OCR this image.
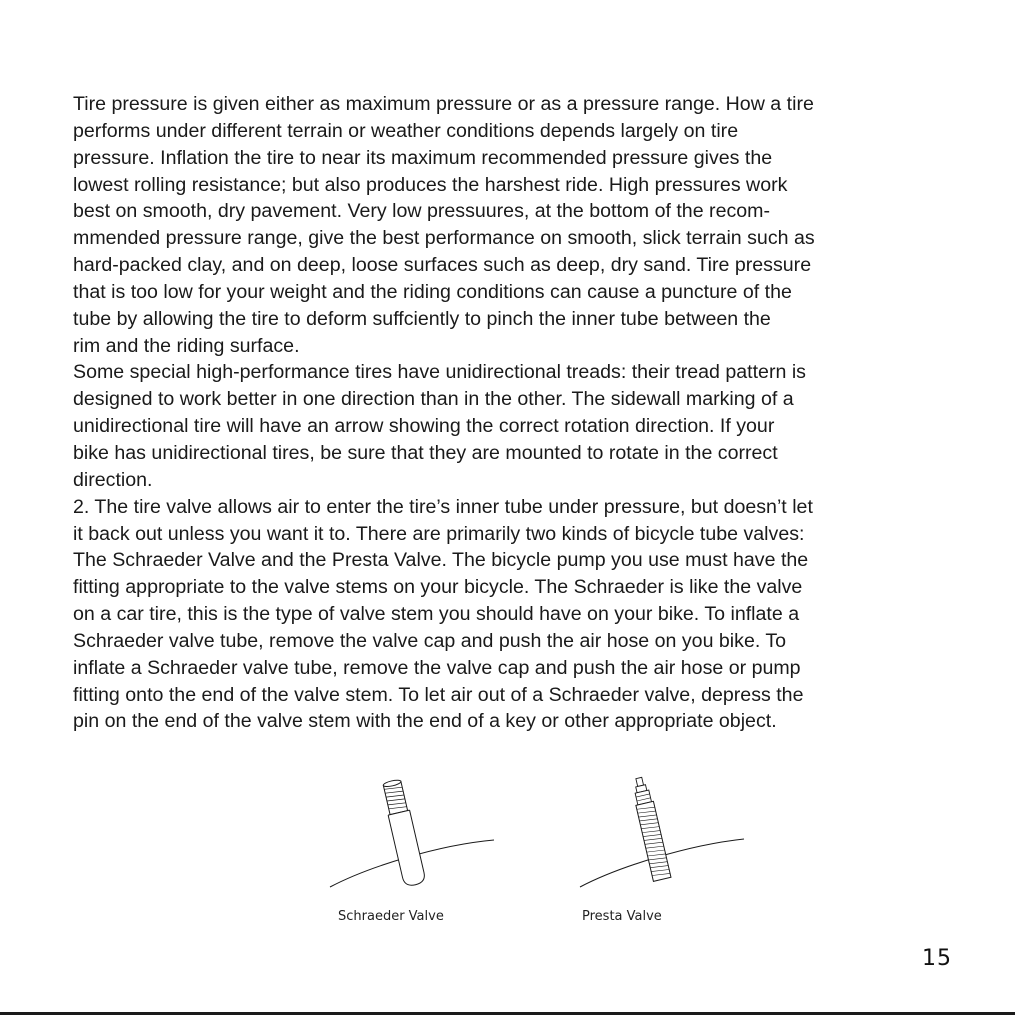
Tire pressure is given either as maximum pressure or as a pressure range. How a tire
performs under different terrain or weather conditions depends largely on tire
pressure. Inflation the tire to near its maximum recommended pressure gives the
lowest rolling resistance; but also produces the harshest ride. High pressures work
best on smooth, dry pavement. Very low pressuures, at the bottom of the recom-
mmended pressure range, give the best performance on smooth, slick terrain such as
hard-packed clay, and on deep, loose surfaces such as deep, dry sand. Tire pressure
that is too low for your weight and the riding conditions can cause a puncture of the
tube by allowing the tire to deform suffciently to pinch the inner tube between the
rim and the riding surface.
Some special high-performance tires have unidirectional treads: their tread pattern is
designed to work better in one direction than in the other. The sidewall marking of a
unidirectional tire will have an arrow showing the correct rotation direction. If your
bike has unidirectional tires, be sure that they are mounted to rotate in the correct
direction.
2. The tire valve allows air to enter the tire’s inner tube under pressure, but doesn’t let
it back out unless you want it to. There are primarily two kinds of bicycle tube valves:
The Schraeder Valve and the Presta Valve. The bicycle pump you use must have the
fitting appropriate to the valve stems on your bicycle. The Schraeder is like the valve
on a car tire, this is the type of valve stem you should have on your bike. To inflate a
Schraeder valve tube, remove the valve cap and push the air hose on you bike. To
inflate a Schraeder valve tube, remove the valve cap and push the air hose or pump
fitting onto the end of the valve stem. To let air out of a Schraeder valve, depress the
pin on the end of the valve stem with the end of a key or other appropriate object.
Schraeder Valve	Presta Valve
15
